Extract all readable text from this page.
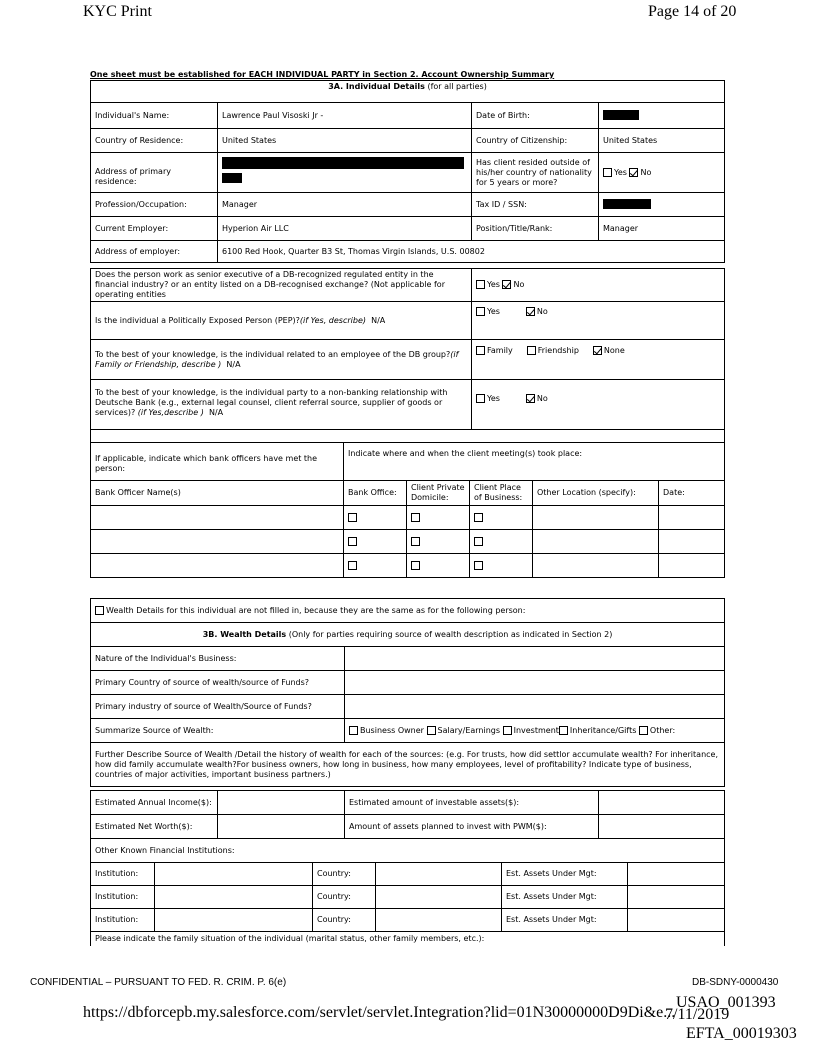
KYC Print	Page 14 of 20
One sheet must be established for EACH INDIVIDUAL PARTY in Section 2. Account Ownership Summary
3A. Individual Details (for all parties)			
Individual's Name:	Lawrence Paul Visoski Jr -	Date of Birth:	
Country of Residence:	United States	Country of Citizenship:	United States
Address of primary residence:		Has client resided outside of his/her country of nationality for 5 years or more?	Yes No
Profession/Occupation:	Manager	Tax ID / SSN:	
Current Employer:	Hyperion Air LLC	Position/Title/Rank:	Manager
Address of employer:	6100 Red Hook, Quarter B3 St, Thomas Virgin Islands, U.S. 00802		
Does the person work as senior executive of a DB-recognized regulated entity in the financial industry? or an entity listed on a DB-recognised exchange? (Not applicable for operating entities	Yes No
Is the individual a Politically Exposed Person (PEP)?(if Yes, describe) N/A	Yes No
To the best of your knowledge, is the individual related to an employee of the DB group?(if Family or Friendship, describe ) N/A	Family Friendship None
To the best of your knowledge, is the individual party to a non-banking relationship with Deutsche Bank (e.g., external legal counsel, client referral source, supplier of goods or services)? (if Yes,describe ) N/A	Yes No

If applicable, indicate which bank officers have met the person:	Indicate where and when the client meeting(s) took place:				
Bank Officer Name(s)	Bank Office:	Client Private Domicile:	Client Place of Business:	Other Location (specify):	Date:

Wealth Details for this individual are not filled in, because they are the same as for the following person:
3B. Wealth Details (Only for parties requiring source of wealth description as indicated in Section 2)
Nature of the Individual's Business:	
Primary Country of source of wealth/source of Funds?	
Primary industry of source of Wealth/Source of Funds?	
Summarize Source of Wealth:	Business Owner Salary/Earnings Investment Inheritance/Gifts Other:
Further Describe Source of Wealth /Detail the history of wealth for each of the sources: (e.g. For trusts, how did settlor accumulate wealth? For inheritance, how did family accumulate wealth?For business owners, how long in business, how many employees, level of profitability? Indicate type of business, countries of major activities, important business partners.)	
Estimated Annual Income($):		Estimated amount of investable assets($):	
Estimated Net Worth($):		Amount of assets planned to invest with PWM($):	
Other Known Financial Institutions:			
Institution:		Country:		Est. Assets Under Mgt:	
Institution:		Country:		Est. Assets Under Mgt:	
Institution:		Country:		Est. Assets Under Mgt:	
Please indicate the family situation of the individual (marital status, other family members, etc.):					
CONFIDENTIAL – PURSUANT TO FED. R. CRIM. P. 6(e)	DB-SDNY-0000430
USAO_001393
https://dbforcepb.my.salesforce.com/servlet/servlet.Integration?lid=01N30000000D9Di&e...
7/11/2019
EFTA_00019303
